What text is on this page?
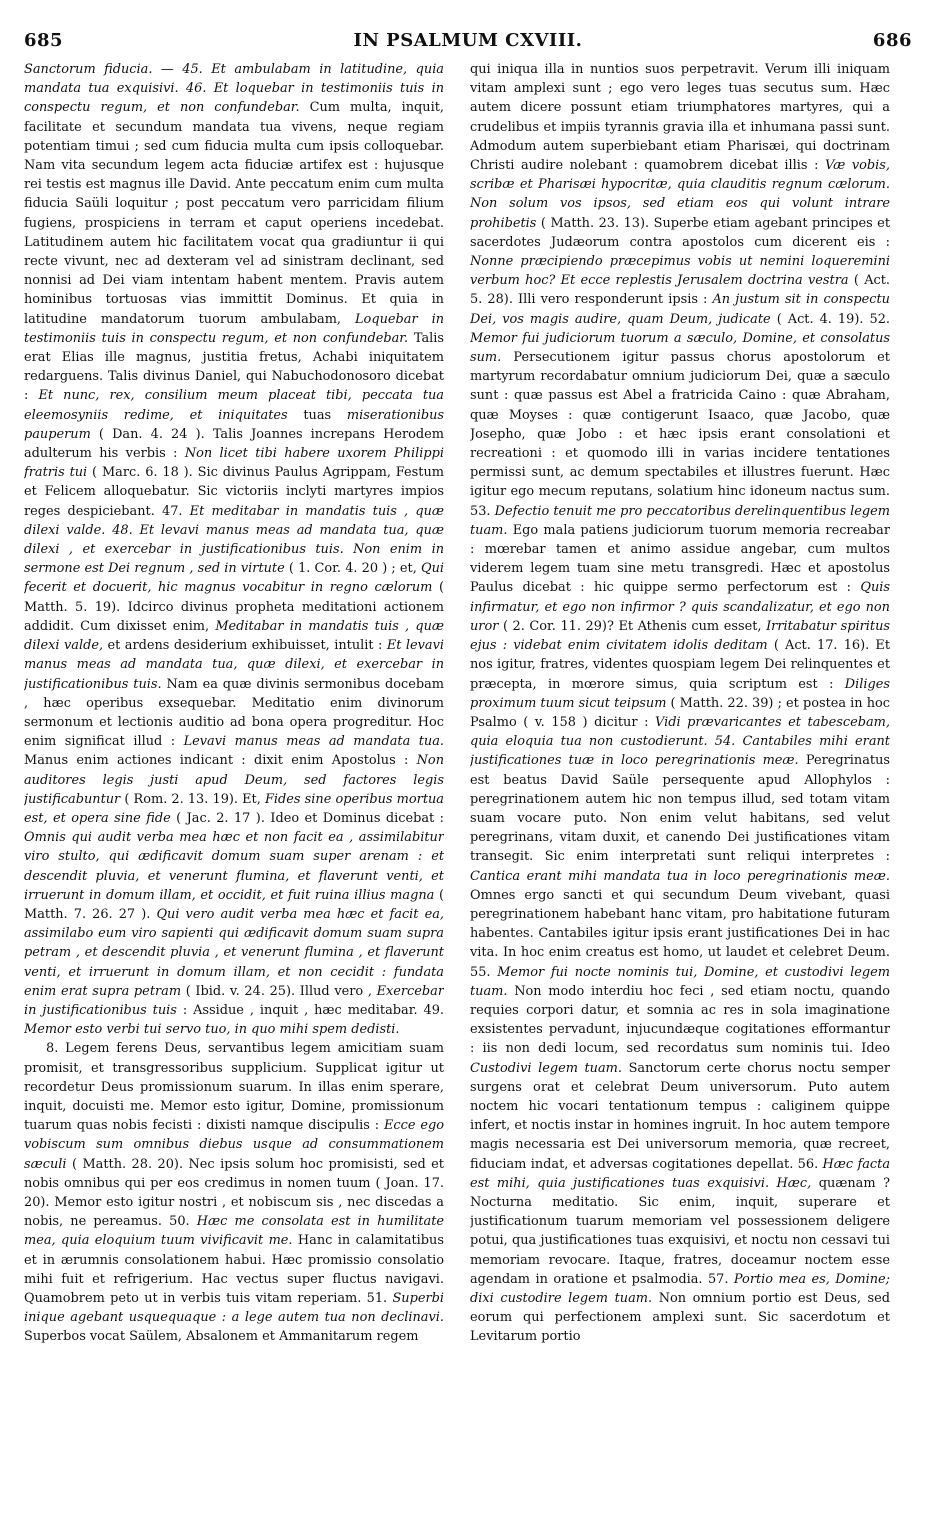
685	IN PSALMUM CXVIII.	686

Sanctorum fiducia. — 45. Et ambulabam in latitudine, quia mandata tua exquisivi. 46. Et loquebar in testimoniis tuis in conspectu regum, et non confundebar. Cum multa, inquit, facilitate et secundum mandata tua vivens, neque regiam potentiam timui ; sed cum fiducia multa cum ipsis colloquebar. Nam vita secundum legem acta fiduciæ artifex est : hujusque rei testis est magnus ille David. Ante peccatum enim cum multa fiducia Saüli loquitur ; post peccatum vero parricidam filium fugiens, prospiciens in terram et caput operiens incedebat. Latitudinem autem hic facilitatem vocat qua gradiuntur ii qui recte vivunt, nec ad dexteram vel ad sinistram declinant, sed nonnisi ad Dei viam intentam habent mentem. Pravis autem hominibus tortuosas vias immittit Dominus. Et quia in latitudine mandatorum tuorum ambulabam, Loquebar in testimoniis tuis in conspectu regum, et non confundebar. Talis erat Elias ille magnus, justitia fretus, Achabi iniquitatem redarguens. Talis divinus Daniel, qui Nabuchodonosoro dicebat : Et nunc, rex, consilium meum placeat tibi, peccata tua eleemosyniis redime, et iniquitates tuas miserationibus pauperum ( Dan. 4. 24 ). Talis Joannes increpans Herodem adulterum his verbis : Non licet tibi habere uxorem Philippi fratris tui ( Marc. 6. 18 ). Sic divinus Paulus Agrippam, Festum et Felicem alloquebatur. Sic victoriis inclyti martyres impios reges despiciebant. 47. Et meditabar in mandatis tuis , quæ dilexi valde. 48. Et levavi manus meas ad mandata tua, quæ dilexi , et exercebar in justificationibus tuis. Non enim in sermone est Dei regnum , sed in virtute ( 1. Cor. 4. 20 ) ; et, Qui fecerit et docuerit, hic magnus vocabitur in regno cælorum ( Matth. 5. 19). Idcirco divinus propheta meditationi actionem addidit. Cum dixisset enim, Meditabar in mandatis tuis , quæ dilexi valde, et ardens desiderium exhibuisset, intulit : Et levavi manus meas ad mandata tua, quæ dilexi, et exercebar in justificationibus tuis. Nam ea quæ divinis sermonibus docebam , hæc operibus exsequebar. Meditatio enim divinorum sermonum et lectionis auditio ad bona opera progreditur. Hoc enim significat illud : Levavi manus meas ad mandata tua. Manus enim actiones indicant : dixit enim Apostolus : Non auditores legis justi apud Deum, sed factores legis justificabuntur ( Rom. 2. 13. 19). Et, Fides sine operibus mortua est, et opera sine fide ( Jac. 2. 17 ). Ideo et Dominus dicebat : Omnis qui audit verba mea hæc et non facit ea , assimilabitur viro stulto, qui ædificavit domum suam super arenam : et descendit pluvia, et venerunt flumina, et flaverunt venti, et irruerunt in domum illam, et occidit, et fuit ruina illius magna ( Matth. 7. 26. 27 ). Qui vero audit verba mea hæc et facit ea, assimilabo eum viro sapienti qui ædificavit domum suam supra petram , et descendit pluvia , et venerunt flumina , et flaverunt venti, et irruerunt in domum illam, et non cecidit : fundata enim erat supra petram ( Ibid. v. 24. 25). Illud vero , Exercebar in justificationibus tuis : Assidue , inquit , hæc meditabar. 49. Memor esto verbi tui servo tuo, in quo mihi spem dedisti.

8. Legem ferens Deus, servantibus legem amicitiam suam promisit, et transgressoribus supplicium. Supplicat igitur ut recordetur Deus promissionum suarum. In illas enim sperare, inquit, docuisti me. Memor esto igitur, Domine, promissionum tuarum quas nobis fecisti : dixisti namque discipulis : Ecce ego vobiscum sum omnibus diebus usque ad consummationem sæculi ( Matth. 28. 20). Nec ipsis solum hoc promisisti, sed et nobis omnibus qui per eos credimus in nomen tuum ( Joan. 17. 20). Memor esto igitur nostri , et nobiscum sis , nec discedas a nobis, ne pereamus. 50. Hæc me consolata est in humilitate mea, quia eloquium tuum vivificavit me. Hanc in calamitatibus et in ærumnis consolationem habui. Hæc promissio consolatio mihi fuit et refrigerium. Hac vectus super fluctus navigavi. Quamobrem peto ut in verbis tuis vitam reperiam. 51. Superbi inique agebant usquequaque : a lege autem tua non declinavi. Superbos vocat Saülem, Absalonem et Ammanitarum regem

qui iniqua illa in nuntios suos perpetravit. Verum illi iniquam vitam amplexi sunt ; ego vero leges tuas secutus sum. Hæc autem dicere possunt etiam triumphatores martyres, qui a crudelibus et impiis tyrannis gravia illa et inhumana passi sunt. Admodum autem superbiebant etiam Pharisæi, qui doctrinam Christi audire nolebant : quamobrem dicebat illis : Væ vobis, scribæ et Pharisæi hypocritæ, quia clauditis regnum cælorum. Non solum vos ipsos, sed etiam eos qui volunt intrare prohibetis ( Matth. 23. 13). Superbe etiam agebant principes et sacerdotes Judæorum contra apostolos cum dicerent eis : Nonne præcipiendo præcepimus vobis ut nemini loqueremini verbum hoc? Et ecce replestis Jerusalem doctrina vestra ( Act. 5. 28). Illi vero responderunt ipsis : An justum sit in conspectu Dei, vos magis audire, quam Deum, judicate ( Act. 4. 19). 52. Memor fui judiciorum tuorum a sæculo, Domine, et consolatus sum. Persecutionem igitur passus chorus apostolorum et martyrum recordabatur omnium judiciorum Dei, quæ a sæculo sunt : quæ passus est Abel a fratricida Caino : quæ Abraham, quæ Moyses : quæ contigerunt Isaaco, quæ Jacobo, quæ Josepho, quæ Jobo : et hæc ipsis erant consolationi et recreationi : et quomodo illi in varias incidere tentationes permissi sunt, ac demum spectabiles et illustres fuerunt. Hæc igitur ego mecum reputans, solatium hinc idoneum nactus sum. 53. Defectio tenuit me pro peccatoribus derelinquentibus legem tuam. Ego mala patiens judiciorum tuorum memoria recreabar : mœrebar tamen et animo assidue angebar, cum multos viderem legem tuam sine metu transgredi. Hæc et apostolus Paulus dicebat : hic quippe sermo perfectorum est : Quis infirmatur, et ego non infirmor ? quis scandalizatur, et ego non uror ( 2. Cor. 11. 29)? Et Athenis cum esset, Irritabatur spiritus ejus : videbat enim civitatem idolis deditam ( Act. 17. 16). Et nos igitur, fratres, videntes quospiam legem Dei relinquentes et præcepta, in mœrore simus, quia scriptum est : Diliges proximum tuum sicut teipsum ( Matth. 22. 39) ; et postea in hoc Psalmo ( v. 158 ) dicitur : Vidi prævaricantes et tabescebam, quia eloquia tua non custodierunt. 54. Cantabiles mihi erant justificationes tuæ in loco peregrinationis meæ. Peregrinatus est beatus David Saüle persequente apud Allophylos : peregrinationem autem hic non tempus illud, sed totam vitam suam vocare puto. Non enim velut habitans, sed velut peregrinans, vitam duxit, et canendo Dei justificationes vitam transegit. Sic enim interpretati sunt reliqui interpretes : Cantica erant mihi mandata tua in loco peregrinationis meæ. Omnes ergo sancti et qui secundum Deum vivebant, quasi peregrinationem habebant hanc vitam, pro habitatione futuram habentes. Cantabiles igitur ipsis erant justificationes Dei in hac vita. In hoc enim creatus est homo, ut laudet et celebret Deum. 55. Memor fui nocte nominis tui, Domine, et custodivi legem tuam. Non modo interdiu hoc feci , sed etiam noctu, quando requies corpori datur, et somnia ac res in sola imaginatione exsistentes pervadunt, injucundæque cogitationes efformantur : iis non dedi locum, sed recordatus sum nominis tui. Ideo Custodivi legem tuam. Sanctorum certe chorus noctu semper surgens orat et celebrat Deum universorum. Puto autem noctem hic vocari tentationum tempus : caliginem quippe infert, et noctis instar in homines ingruit. In hoc autem tempore magis necessaria est Dei universorum memoria, quæ recreet, fiduciam indat, et adversas cogitationes depellat. 56. Hæc facta est mihi, quia justificationes tuas exquisivi. Hæc, quænam ? Nocturna meditatio. Sic enim, inquit, superare et justificationum tuarum memoriam vel possessionem deligere potui, qua justificationes tuas exquisivi, et noctu non cessavi tui memoriam revocare. Itaque, fratres, doceamur noctem esse agendam in oratione et psalmodia. 57. Portio mea es, Domine; dixi custodire legem tuam. Non omnium portio est Deus, sed eorum qui perfectionem amplexi sunt. Sic sacerdotum et Levitarum portio
